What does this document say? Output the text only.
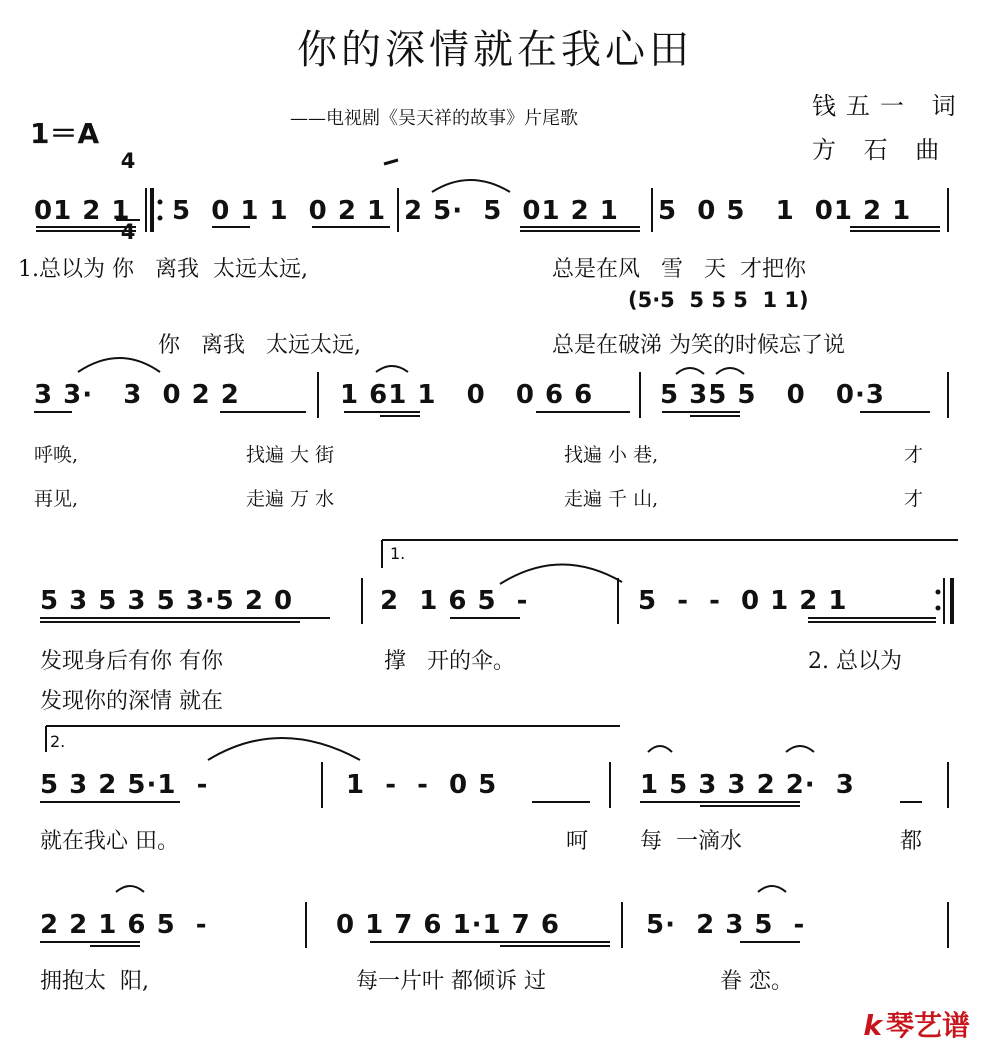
你的深情就在我心田
1＝A

4

4

——电视剧《吴天祥的故事》片尾歌	钱五一 词
方 石 曲
01 2 1 5  0 1 1  0 2 1 2 5·  5  01 2 1 5  0 5   1  01 2 1
1.总以为 你   离我  太远太远,	总是在风   雪   天  才把你
(5·5  5 5 5  1 1)
你   离我   太远太远,	总是在破涕 为笑的时候忘了说
3 3·   3  0 2 2	1 61 1   0   0 6 6	5 35 5   0   0·3
呼唤,	找遍 大 街	找遍 小 巷,	才
再见,	走遍 万 水	走遍 千 山,	才
1.
5 3 5 3 5 3·5 2 0	2  1 6 5  -	5  -  -  0 1 2 1
发现身后有你 有你	撑   开的伞。	2. 总以为
发现你的深情 就在
2.
5 3 2 5·1  -	1  -  -  0 5	1 5 3 3 2 2·  3
就在我心 田。	呵 每  一滴水	都
2 2 1 6 5  -	0 1 7 6 1·1 7 6	5·  2 3 5  -
拥抱太  阳,	每一片叶 都倾诉 过	眷 恋。
k 琴艺谱
